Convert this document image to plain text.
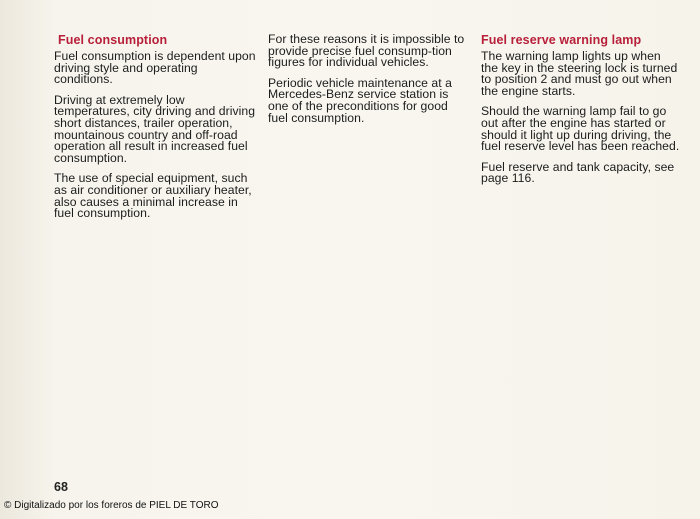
Fuel consumption

Fuel consumption is dependent upon driving style and operating conditions.

Driving at extremely low temperatures, city driving and driving short distances, trailer operation, mountainous country and off-road operation all result in increased fuel consumption.

The use of special equipment, such as air conditioner or auxiliary heater, also causes a minimal increase in fuel consumption.

For these reasons it is impossible to provide precise fuel consump-tion figures for individual vehicles.

Periodic vehicle maintenance at a Mercedes-Benz service station is one of the preconditions for good fuel consumption.

Fuel reserve warning lamp

The warning lamp lights up when the key in the steering lock is turned to position 2 and must go out when the engine starts.

Should the warning lamp fail to go out after the engine has started or should it light up during driving, the fuel reserve level has been reached.

Fuel reserve and tank capacity, see page 116.

68
© Digitalizado por los foreros de PIEL DE TORO
